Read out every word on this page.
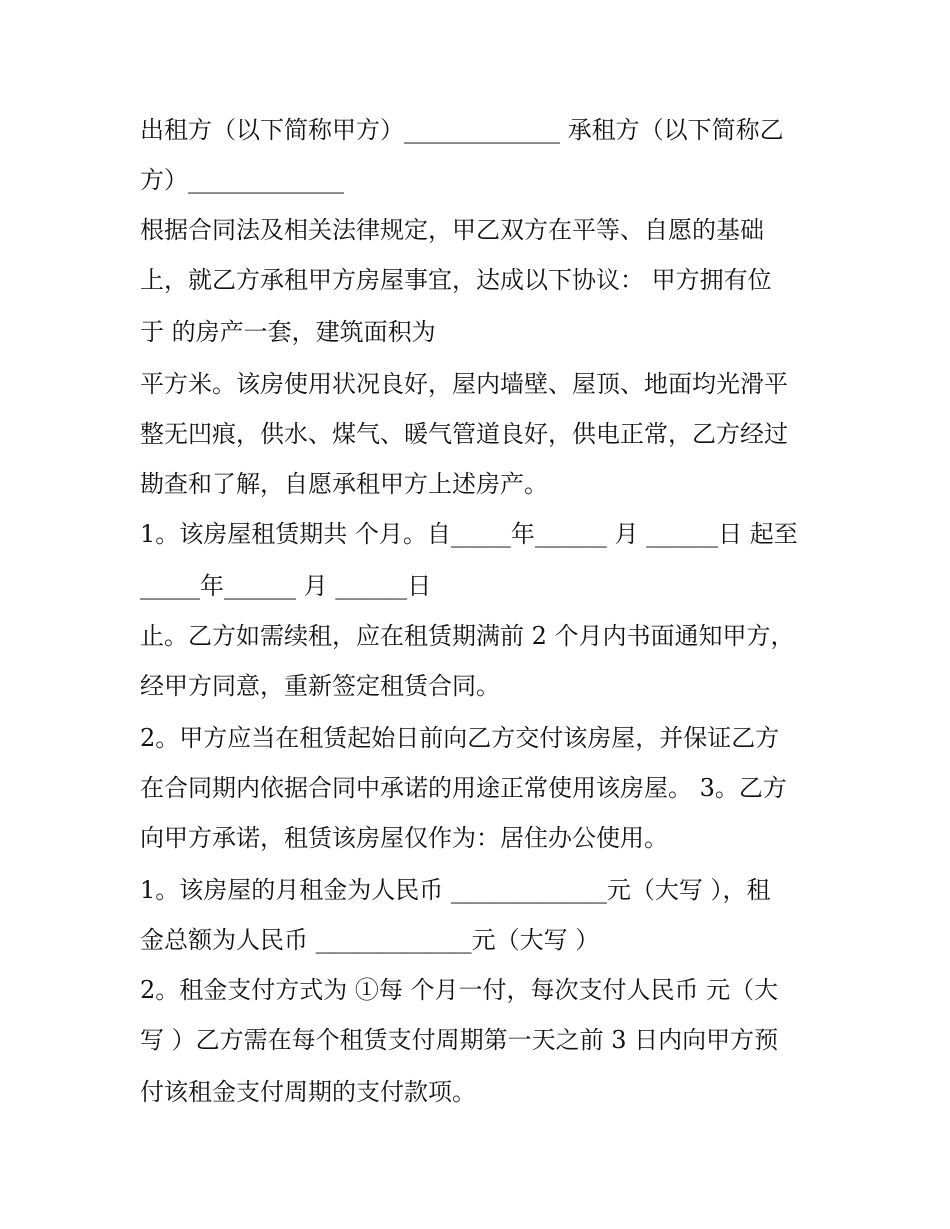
出租方（以下简称甲方）_____________ 承租方（以下简称乙
方）_____________
根据合同法及相关法律规定，甲乙双方在平等、自愿的基础
上，就乙方承租甲方房屋事宜，达成以下协议： 甲方拥有位
于 的房产一套，建筑面积为
平方米。该房使用状况良好，屋内墙壁、屋顶、地面均光滑平
整无凹痕，供水、煤气、暖气管道良好，供电正常，乙方经过
勘查和了解，自愿承租甲方上述房产。
1。该房屋租赁期共 个月。自_____年______ 月 ______日 起至
_____年______ 月 ______日
止。乙方如需续租，应在租赁期满前 2 个月内书面通知甲方，
经甲方同意，重新签定租赁合同。
2。甲方应当在租赁起始日前向乙方交付该房屋，并保证乙方
在合同期内依据合同中承诺的用途正常使用该房屋。 3。乙方
向甲方承诺，租赁该房屋仅作为：居住办公使用。
1。该房屋的月租金为人民币 _____________元（大写 ），租
金总额为人民币 _____________元（大写 ）
2。租金支付方式为 ①每 个月一付，每次支付人民币 元（大
写 ）乙方需在每个租赁支付周期第一天之前 3 日内向甲方预
付该租金支付周期的支付款项。
